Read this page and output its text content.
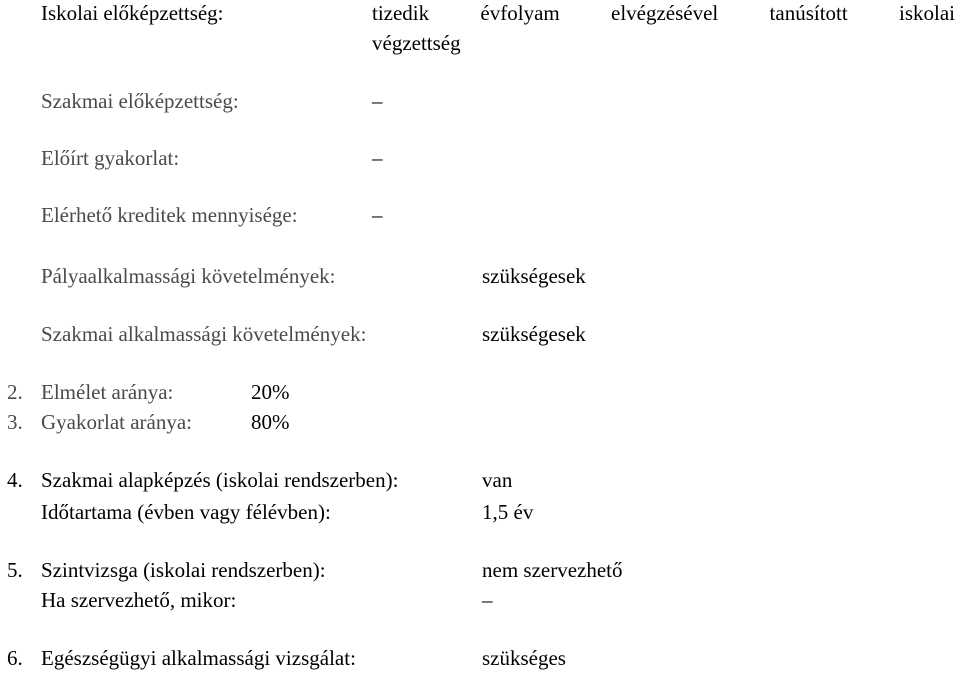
Iskolai előképzettség:	tizedik évfolyam elvégzésével tanúsított iskolai
végzettség
Szakmai előképzettség:	–
Előírt gyakorlat:	–
Elérhető kreditek mennyisége:	–
Pályaalkalmassági követelmények:	szükségesek
Szakmai alkalmassági követelmények:	szükségesek
2. Elmélet aránya:	20%
3. Gyakorlat aránya:	80%
4. Szakmai alapképzés (iskolai rendszerben):	van
Időtartama (évben vagy félévben):	1,5 év
5. Szintvizsga (iskolai rendszerben):	nem szervezhető
Ha szervezhető, mikor:	–
6. Egészségügyi alkalmassági vizsgálat:	szükséges
